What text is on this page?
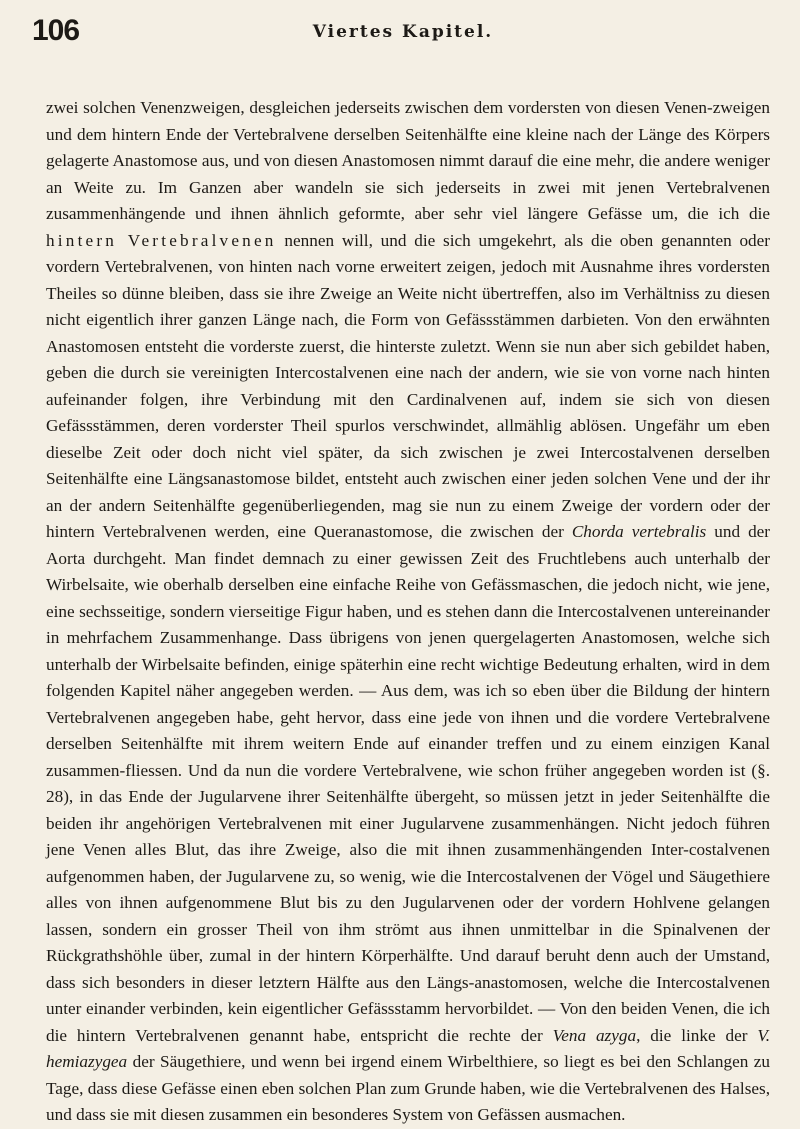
106	Viertes Kapitel.

zwei solchen Venenzweigen, desgleichen jederseits zwischen dem vordersten von diesen Venen-zweigen und dem hintern Ende der Vertebralvene derselben Seitenhälfte eine kleine nach der Länge des Körpers gelagerte Anastomose aus, und von diesen Anastomosen nimmt darauf die eine mehr, die andere weniger an Weite zu. Im Ganzen aber wandeln sie sich jederseits in zwei mit jenen Vertebralvenen zusammenhängende und ihnen ähnlich geformte, aber sehr viel längere Gefässe um, die ich die hintern Vertebralvenen nennen will, und die sich umgekehrt, als die oben genannten oder vordern Vertebralvenen, von hinten nach vorne erweitert zeigen, jedoch mit Ausnahme ihres vordersten Theiles so dünne bleiben, dass sie ihre Zweige an Weite nicht übertreffen, also im Verhältniss zu diesen nicht eigentlich ihrer ganzen Länge nach, die Form von Gefässstämmen darbieten. Von den erwähnten Anastomosen entsteht die vorderste zuerst, die hinterste zuletzt. Wenn sie nun aber sich gebildet haben, geben die durch sie vereinigten Intercostalvenen eine nach der andern, wie sie von vorne nach hinten aufeinander folgen, ihre Verbindung mit den Cardinalvenen auf, indem sie sich von diesen Gefässstämmen, deren vorderster Theil spurlos verschwindet, allmählig ablösen. Ungefähr um eben dieselbe Zeit oder doch nicht viel später, da sich zwischen je zwei Intercostalvenen derselben Seitenhälfte eine Längsanastomose bildet, entsteht auch zwischen einer jeden solchen Vene und der ihr an der andern Seitenhälfte gegenüberliegenden, mag sie nun zu einem Zweige der vordern oder der hintern Vertebralvenen werden, eine Queranastomose, die zwischen der Chorda vertebralis und der Aorta durchgeht. Man findet demnach zu einer gewissen Zeit des Fruchtlebens auch unterhalb der Wirbelsaite, wie oberhalb derselben eine einfache Reihe von Gefässmaschen, die jedoch nicht, wie jene, eine sechsseitige, sondern vierseitige Figur haben, und es stehen dann die Intercostalvenen untereinander in mehrfachem Zusammenhange. Dass übrigens von jenen quergelagerten Anastomosen, welche sich unterhalb der Wirbelsaite befinden, einige späterhin eine recht wichtige Bedeutung erhalten, wird in dem folgenden Kapitel näher angegeben werden. — Aus dem, was ich so eben über die Bildung der hintern Vertebralvenen angegeben habe, geht hervor, dass eine jede von ihnen und die vordere Vertebralvene derselben Seitenhälfte mit ihrem weitern Ende auf einander treffen und zu einem einzigen Kanal zusammen-fliessen. Und da nun die vordere Vertebralvene, wie schon früher angegeben worden ist (§. 28), in das Ende der Jugularvene ihrer Seitenhälfte übergeht, so müssen jetzt in jeder Seitenhälfte die beiden ihr angehörigen Vertebralvenen mit einer Jugularvene zusammenhängen. Nicht jedoch führen jene Venen alles Blut, das ihre Zweige, also die mit ihnen zusammenhängenden Inter-costalvenen aufgenommen haben, der Jugularvene zu, so wenig, wie die Intercostalvenen der Vögel und Säugethiere alles von ihnen aufgenommene Blut bis zu den Jugularvenen oder der vordern Hohlvene gelangen lassen, sondern ein grosser Theil von ihm strömt aus ihnen unmittelbar in die Spinalvenen der Rückgrathshöhle über, zumal in der hintern Körperhälfte. Und darauf beruht denn auch der Umstand, dass sich besonders in dieser letztern Hälfte aus den Längs-anastomosen, welche die Intercostalvenen unter einander verbinden, kein eigentlicher Gefässstamm hervorbildet. — Von den beiden Venen, die ich die hintern Vertebralvenen genannt habe, entspricht die rechte der Vena azyga, die linke der V. hemiazygea der Säugethiere, und wenn bei irgend einem Wirbelthiere, so liegt es bei den Schlangen zu Tage, dass diese Gefässe einen eben solchen Plan zum Grunde haben, wie die Vertebralvenen des Halses, und dass sie mit diesen zusammen ein besonderes System von Gefässen ausmachen.
